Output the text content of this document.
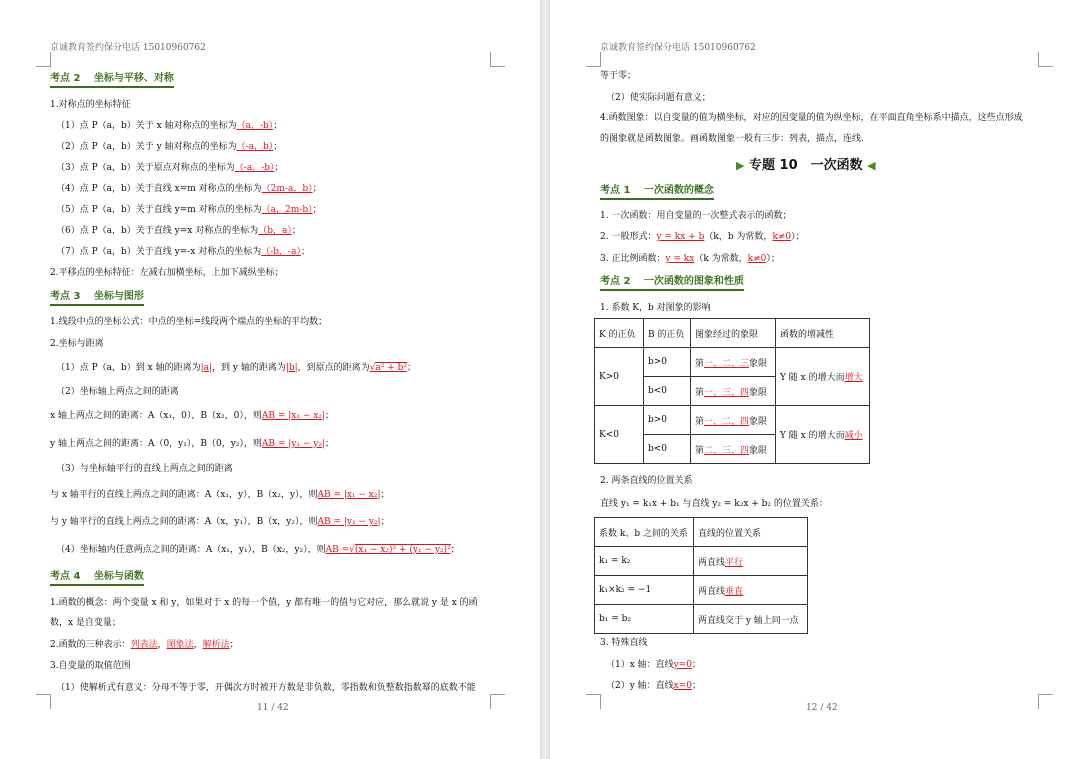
京诚教育签约保分电话 15010960762
考点 2　 坐标与平移、对称
1.对称点的坐标特征
（1）点 P（a，b）关于 x 轴对称点的坐标为（a，-b）；
（2）点 P（a，b）关于 y 轴对称点的坐标为（-a，b）；
（3）点 P（a，b）关于原点对称点的坐标为（-a，-b）；
（4）点 P（a，b）关于直线 x=m 对称点的坐标为（2m-a，b）；
（5）点 P（a，b）关于直线 y=m 对称点的坐标为（a，2m-b）；
（6）点 P（a，b）关于直线 y=x 对称点的坐标为（b，a）；
（7）点 P（a，b）关于直线 y=-x 对称点的坐标为（-b，-a）；
2.平移点的坐标特征：左减右加横坐标，上加下减纵坐标；
考点 3　 坐标与图形
1.线段中点的坐标公式：中点的坐标=线段两个端点的坐标的平均数；
2.坐标与距离
（1）点 P（a，b）到 x 轴的距离为|a|，到 y 轴的距离为|b|，到原点的距离为√a² + b²；
（2）坐标轴上两点之间的距离
x 轴上两点之间的距离：A（x₁，0），B（x₂，0），则AB = |x₁ − x₂|；
y 轴上两点之间的距离：A（0，y₁），B（0，y₂），则AB = |y₁ − y₂|；
（3）与坐标轴平行的直线上两点之间的距离
与 x 轴平行的直线上两点之间的距离：A（x₁，y），B（x₂，y），则AB = |x₁ − x₂|；
与 y 轴平行的直线上两点之间的距离：A（x，y₁），B（x，y₂），则AB = |y₁ − y₂|；
（4）坐标轴内任意两点之间的距离：A（x₁，y₁），B（x₂，y₂），则AB =√(x₁ − x₂)² + (y₁ − y₂)²；
考点 4　 坐标与函数
1.函数的概念：两个变量 x 和 y，如果对于 x 的每一个值，y 都有唯一的值与它对应，那么就说 y 是 x 的函
数，x 是自变量；
2.函数的三种表示：列表法，图象法，解析法；
3.自变量的取值范围
（1）使解析式有意义：分母不等于零，开偶次方时被开方数是非负数，零指数和负整数指数幂的底数不能
11 / 42
京诚教育签约保分电话 15010960762
等于零；
（2）使实际问题有意义；
4.函数图象：以自变量的值为横坐标，对应的因变量的值为纵坐标，在平面直角坐标系中描点，这些点形成
的图象就是函数图象。画函数图象一般有三步：列表，描点，连线.
▶ 专题 10　一次函数 ◀
考点 1　 一次函数的概念
1. 一次函数：用自变量的一次整式表示的函数；
2. 一般形式：y = kx + b（k，b 为常数，k≠0）；
3. 正比例函数：y = kx（k 为常数，k≠0）；
考点 2　 一次函数的图象和性质
1. 系数 K，b 对图象的影响
K 的正负	B 的正负	图象经过的象限	函数的增减性
K>0	b>0	第一、二、三象限	Y 随 x 的增大而增大
	b<0	第一、三、四象限	
K<0	b>0	第一、二、四象限	Y 随 x 的增大而减小
	b<0	第二、三、四象限	
2. 两条直线的位置关系
直线 y₁ = k₁x + b₁ 与直线 y₂ = k₂x + b₂ 的位置关系：
系数 k、b 之间的关系	直线的位置关系
k₁ = k₂	两直线平行
k₁×k₂ = −1	两直线垂直
b₁ = b₂	两直线交于 y 轴上同一点
3. 特殊直线
（1）x 轴：直线y=0；
（2）y 轴：直线x=0；
12 / 42
